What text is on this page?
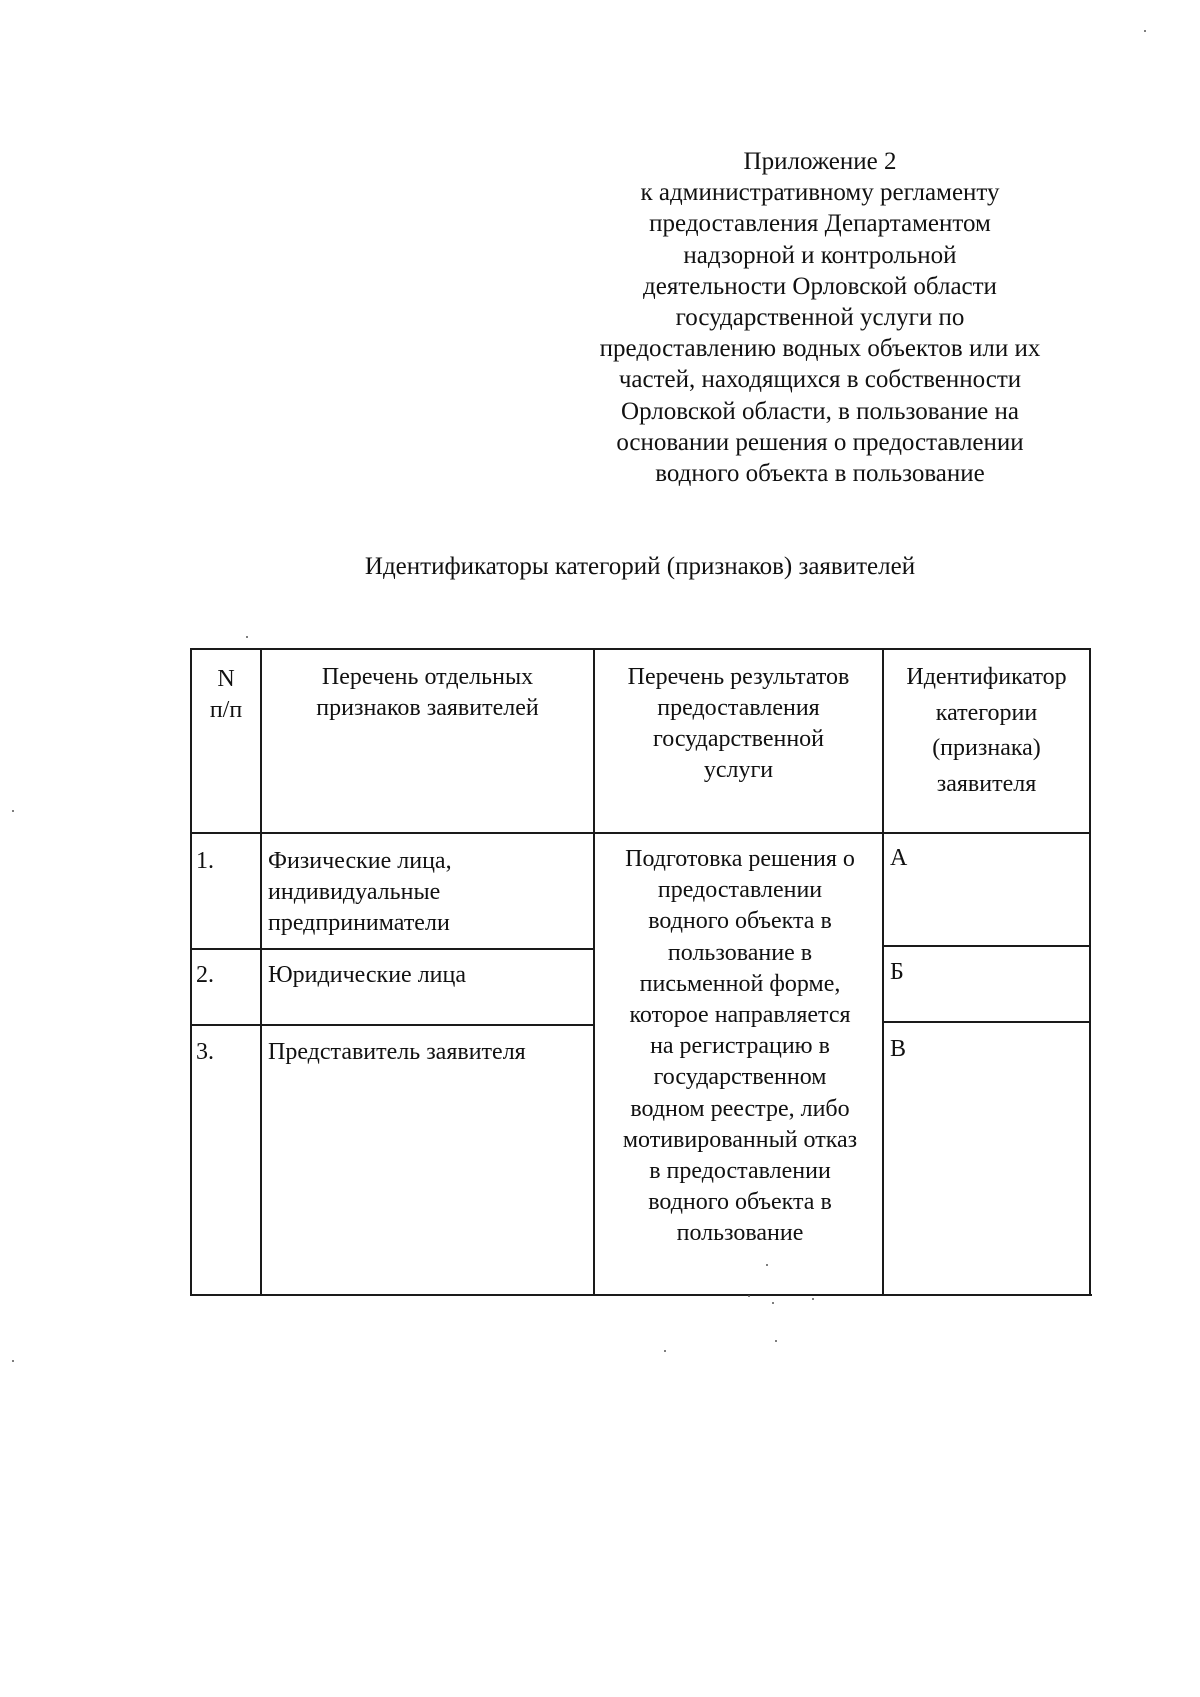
Приложение 2
к административному регламенту
предоставления Департаментом
надзорной и контрольной
деятельности Орловской области
государственной услуги по
предоставлению водных объектов или их
частей, находящихся в собственности
Орловской области, в пользование на
основании решения о предоставлении
водного объекта в пользование
Идентификаторы категорий (признаков) заявителей
N
п/п
Перечень отдельных
признаков заявителей
Перечень результатов
предоставления
государственной
услуги
Идентификатор
категории
(признака)
заявителя
1. Физические лица,
индивидуальные
предприниматели
А
2. Юридические лица	Б
3. Представитель заявителя	В
Подготовка решения о
предоставлении
водного объекта в
пользование в
письменной форме,
которое направляется
на регистрацию в
государственном
водном реестре, либо
мотивированный отказ
в предоставлении
водного объекта в
пользование
